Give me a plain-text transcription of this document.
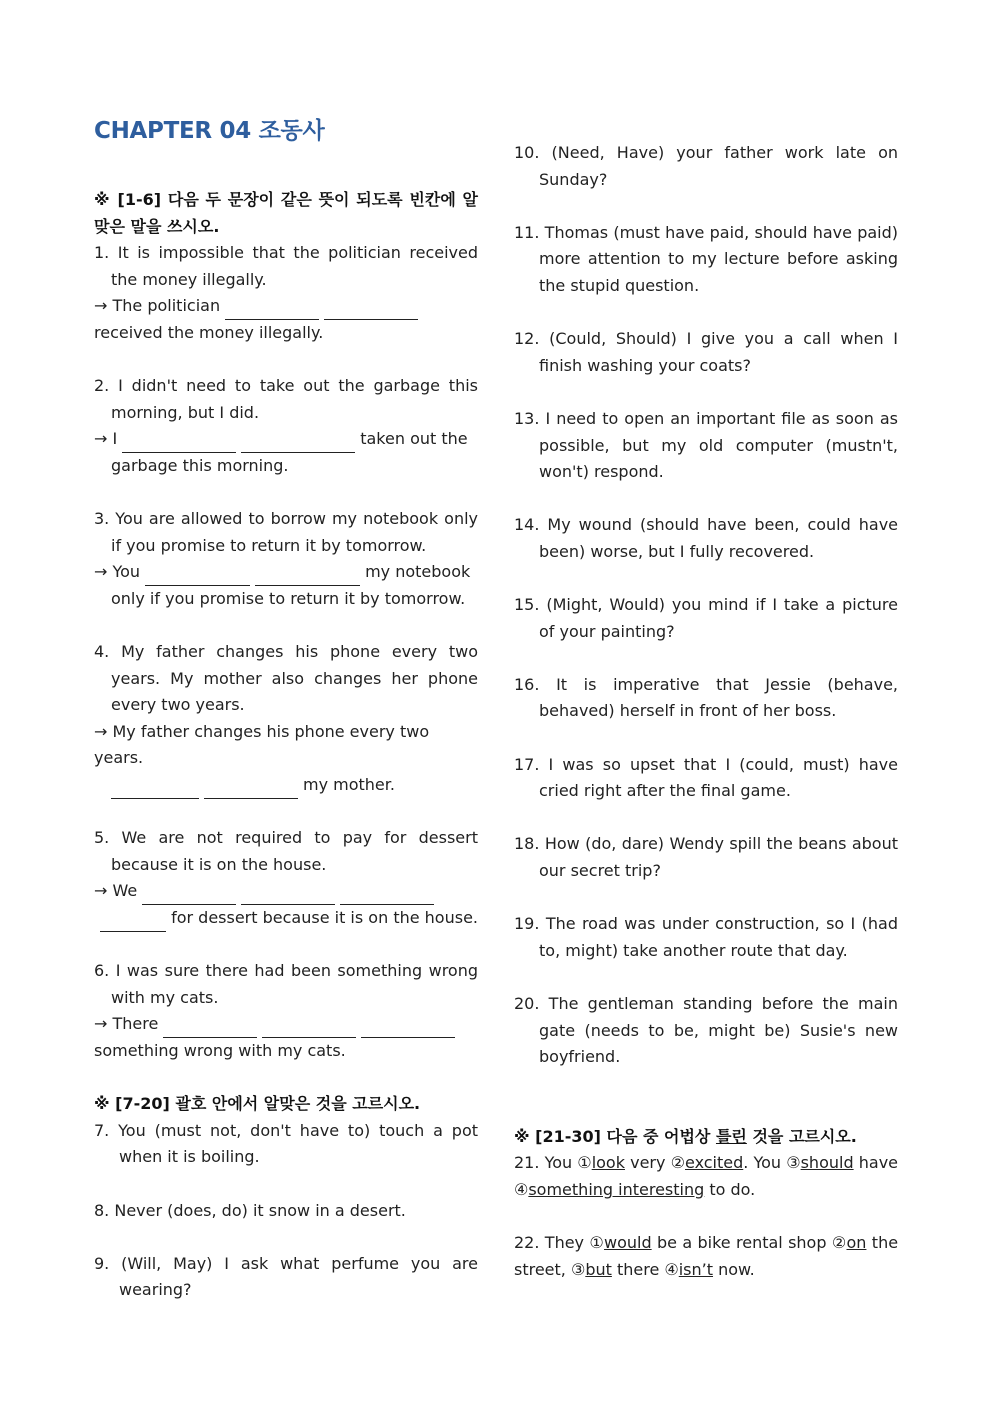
CHAPTER 04 조동사
※ [1-6] 다음 두 문장이 같은 뜻이 되도록 빈칸에 알맞은 말을 쓰시오.
1. It is impossible that the politician received the money illegally.
→ The politician
received the money illegally.
2. I didn't need to take out the garbage this morning, but I did.
→ I	taken out the
garbage this morning.
3. You are allowed to borrow my notebook only if you promise to return it by tomorrow.
→ You	my notebook
only if you promise to return it by tomorrow.
4. My father changes his phone every two years. My mother also changes her phone every two years.
→ My father changes his phone every two years.
my mother.
5. We are not required to pay for dessert because it is on the house.
→ We
for dessert because it is on the house.
6. I was sure there had been something wrong with my cats.
→ There
something wrong with my cats.
※ [7-20] 괄호 안에서 알맞은 것을 고르시오.
7. You (must not, don't have to) touch a pot when it is boiling.
8. Never (does, do) it snow in a desert.
9. (Will, May) I ask what perfume you are wearing?
10. (Need, Have) your father work late on Sunday?
11. Thomas (must have paid, should have paid) more attention to my lecture before asking the stupid question.
12. (Could, Should) I give you a call when I finish washing your coats?
13. I need to open an important file as soon as possible, but my old computer (mustn't, won't) respond.
14. My wound (should have been, could have been) worse, but I fully recovered.
15. (Might, Would) you mind if I take a picture of your painting?
16. It is imperative that Jessie (behave, behaved) herself in front of her boss.
17. I was so upset that I (could, must) have cried right after the final game.
18. How (do, dare) Wendy spill the beans about our secret trip?
19. The road was under construction, so I (had to, might) take another route that day.
20. The gentleman standing before the main gate (needs to be, might be) Susie's new boyfriend.
※ [21-30] 다음 중 어법상 틀린 것을 고르시오.
21. You ①look very ②excited. You ③should have ④something interesting to do.
22. They ①would be a bike rental shop ②on the street, ③but there ④isn’t now.
